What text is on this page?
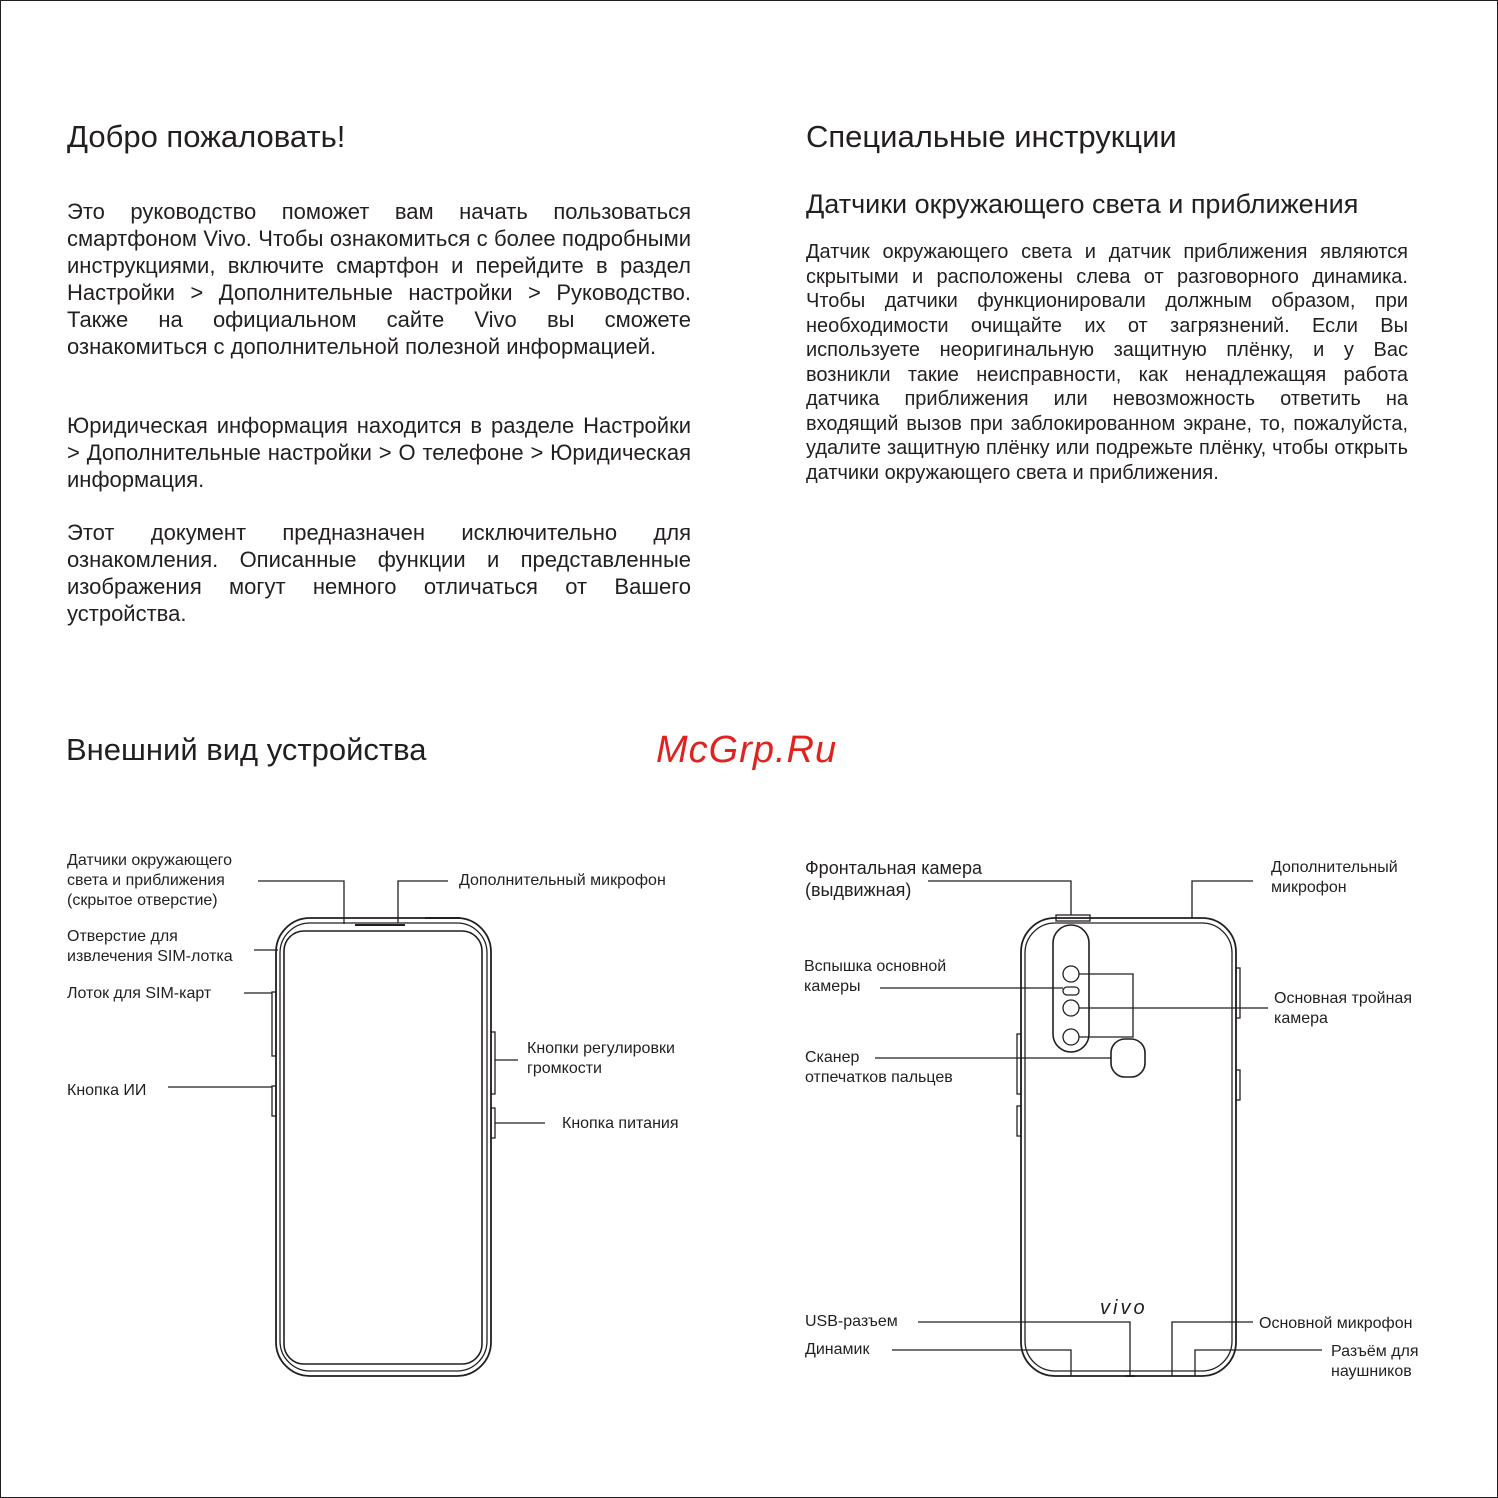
Добро пожаловать!
Это руководство поможет вам начать пользоваться смартфоном Vivo. Чтобы ознакомиться с более подробными инструкциями, включите смартфон и перейдите в раздел Настройки > Дополнительные настройки > Руководство. Также на официальном сайте Vivo вы сможете ознакомиться с дополнительной полезной информацией.
Юридическая информация находится в разделе Настройки > Дополнительные настройки > О телефоне > Юридическая информация.
Этот документ предназначен исключительно для ознакомления. Описанные функции и представленные изображения могут немного отличаться от Вашего устройства.
Специальные инструкции
Датчики окружающего света и приближения
Датчик окружающего света и датчик приближения являются скрытыми и расположены слева от разговорного динамика. Чтобы датчики функционировали должным образом, при необходимости очищайте их от загрязнений. Если Вы используете неоригинальную защитную плёнку, и у Вас возникли такие неисправности, как ненадлежащяя работа датчика приближения или невозможность ответить на входящий вызов при заблокированном экране, то, пожалуйста, удалите защитную плёнку или подрежьте плёнку, чтобы открыть датчики окружающего света и приближения.
Внешний вид устройства	McGrp.Ru
vivo
Датчики окружающего
света и приближения
(скрытое отверстие)
Отверстие для
извлечения SIM-лотка
Лоток для SIM-карт
Кнопка ИИ
Дополнительный микрофон
Кнопки регулировки
громкости
Кнопка питания
Фронтальная камера
(выдвижная)
Вспышка основной
камеры
Сканер
отпечатков пальцев
USB-разъем
Динамик
Дополнительный
микрофон
Основная тройная
камера
Основной микрофон
Разъём для
наушников
